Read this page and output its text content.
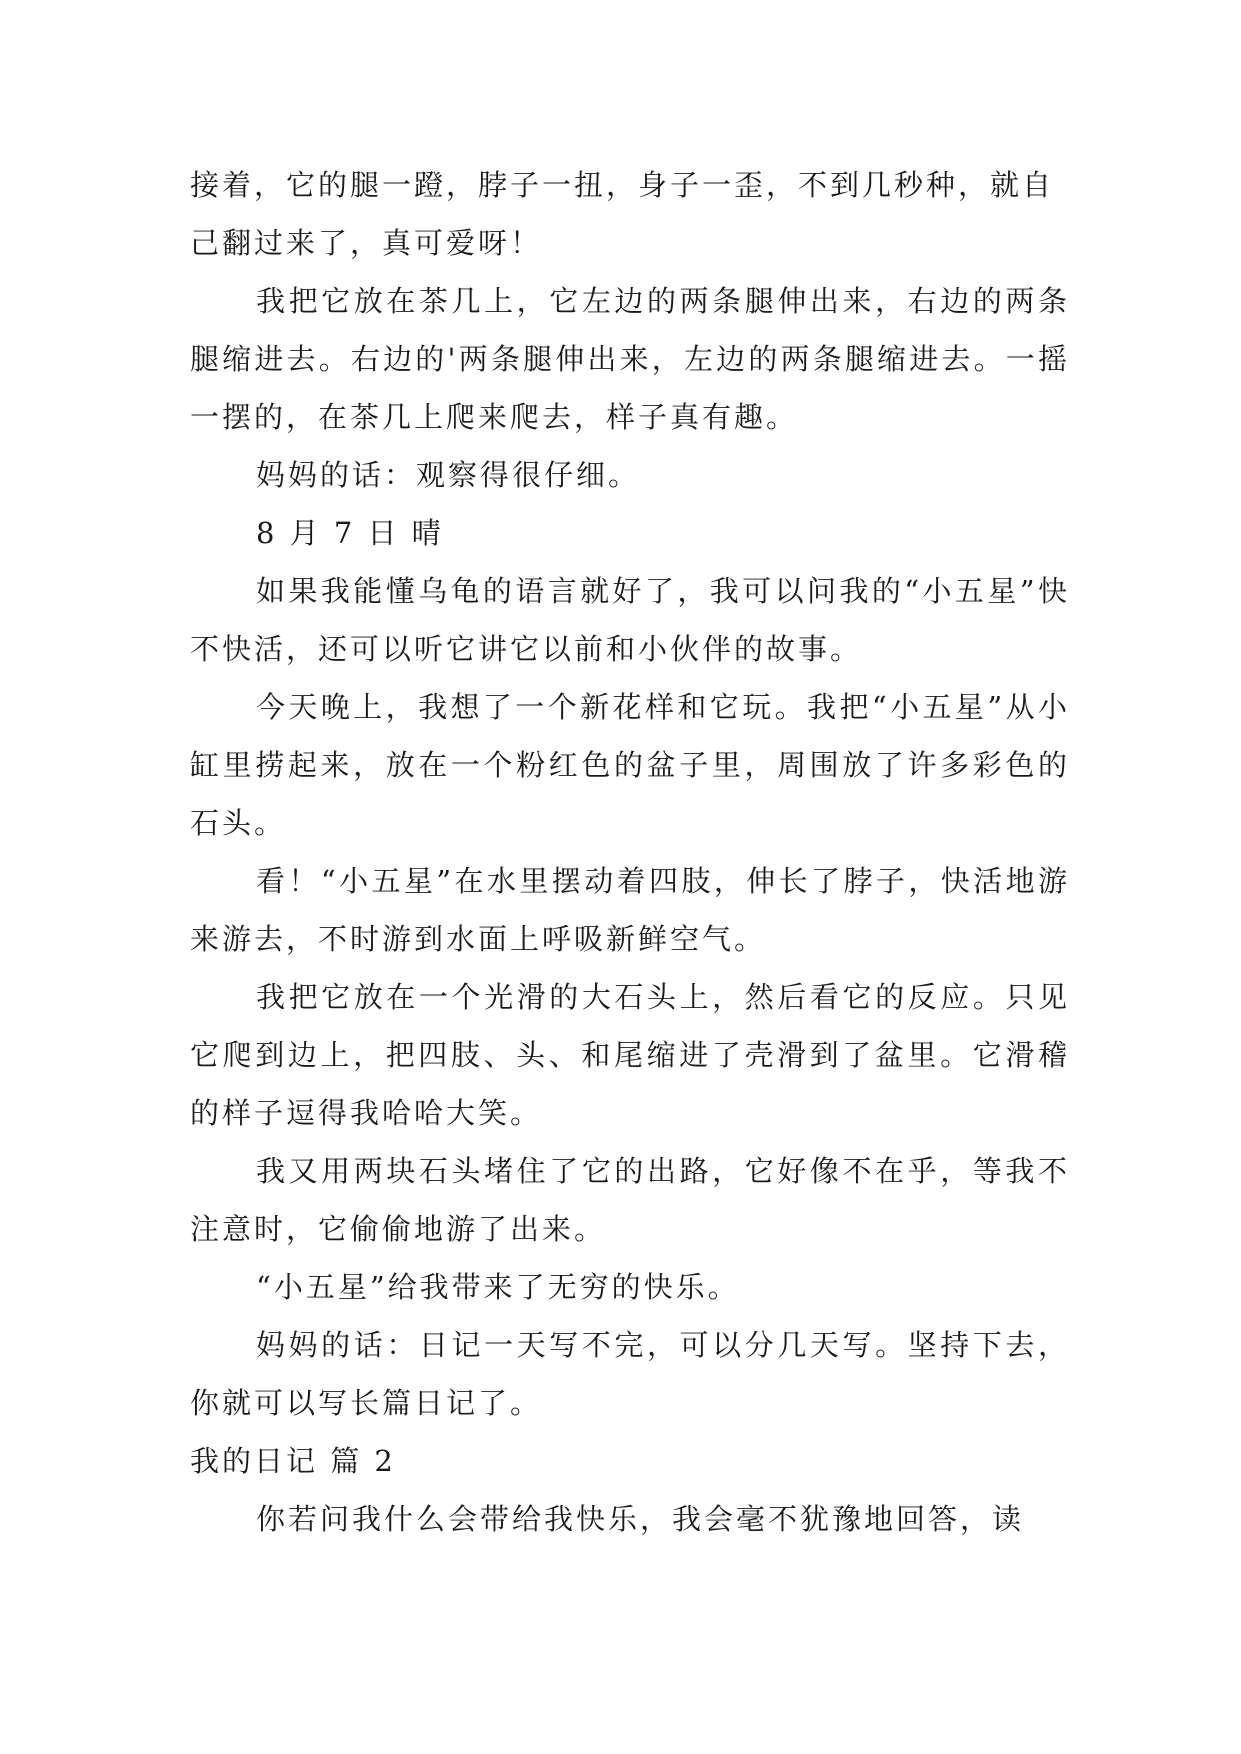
接着，它的腿一蹬，脖子一扭，身子一歪，不到几秒种，就自己翻过来了，真可爱呀！

我把它放在茶几上，它左边的两条腿伸出来，右边的两条腿缩进去。右边的'两条腿伸出来，左边的两条腿缩进去。一摇一摆的，在茶几上爬来爬去，样子真有趣。

妈妈的话：观察得很仔细。

8 月 7 日 晴

如果我能懂乌龟的语言就好了，我可以问我的“小五星”快不快活，还可以听它讲它以前和小伙伴的故事。

今天晚上，我想了一个新花样和它玩。我把“小五星”从小缸里捞起来，放在一个粉红色的盆子里，周围放了许多彩色的石头。

看！“小五星”在水里摆动着四肢，伸长了脖子，快活地游来游去，不时游到水面上呼吸新鲜空气。

我把它放在一个光滑的大石头上，然后看它的反应。只见它爬到边上，把四肢、头、和尾缩进了壳滑到了盆里。它滑稽的样子逗得我哈哈大笑。

我又用两块石头堵住了它的出路，它好像不在乎，等我不注意时，它偷偷地游了出来。

“小五星”给我带来了无穷的快乐。

妈妈的话：日记一天写不完，可以分几天写。坚持下去，你就可以写长篇日记了。

我的日记 篇 2

你若问我什么会带给我快乐，我会毫不犹豫地回答，读
